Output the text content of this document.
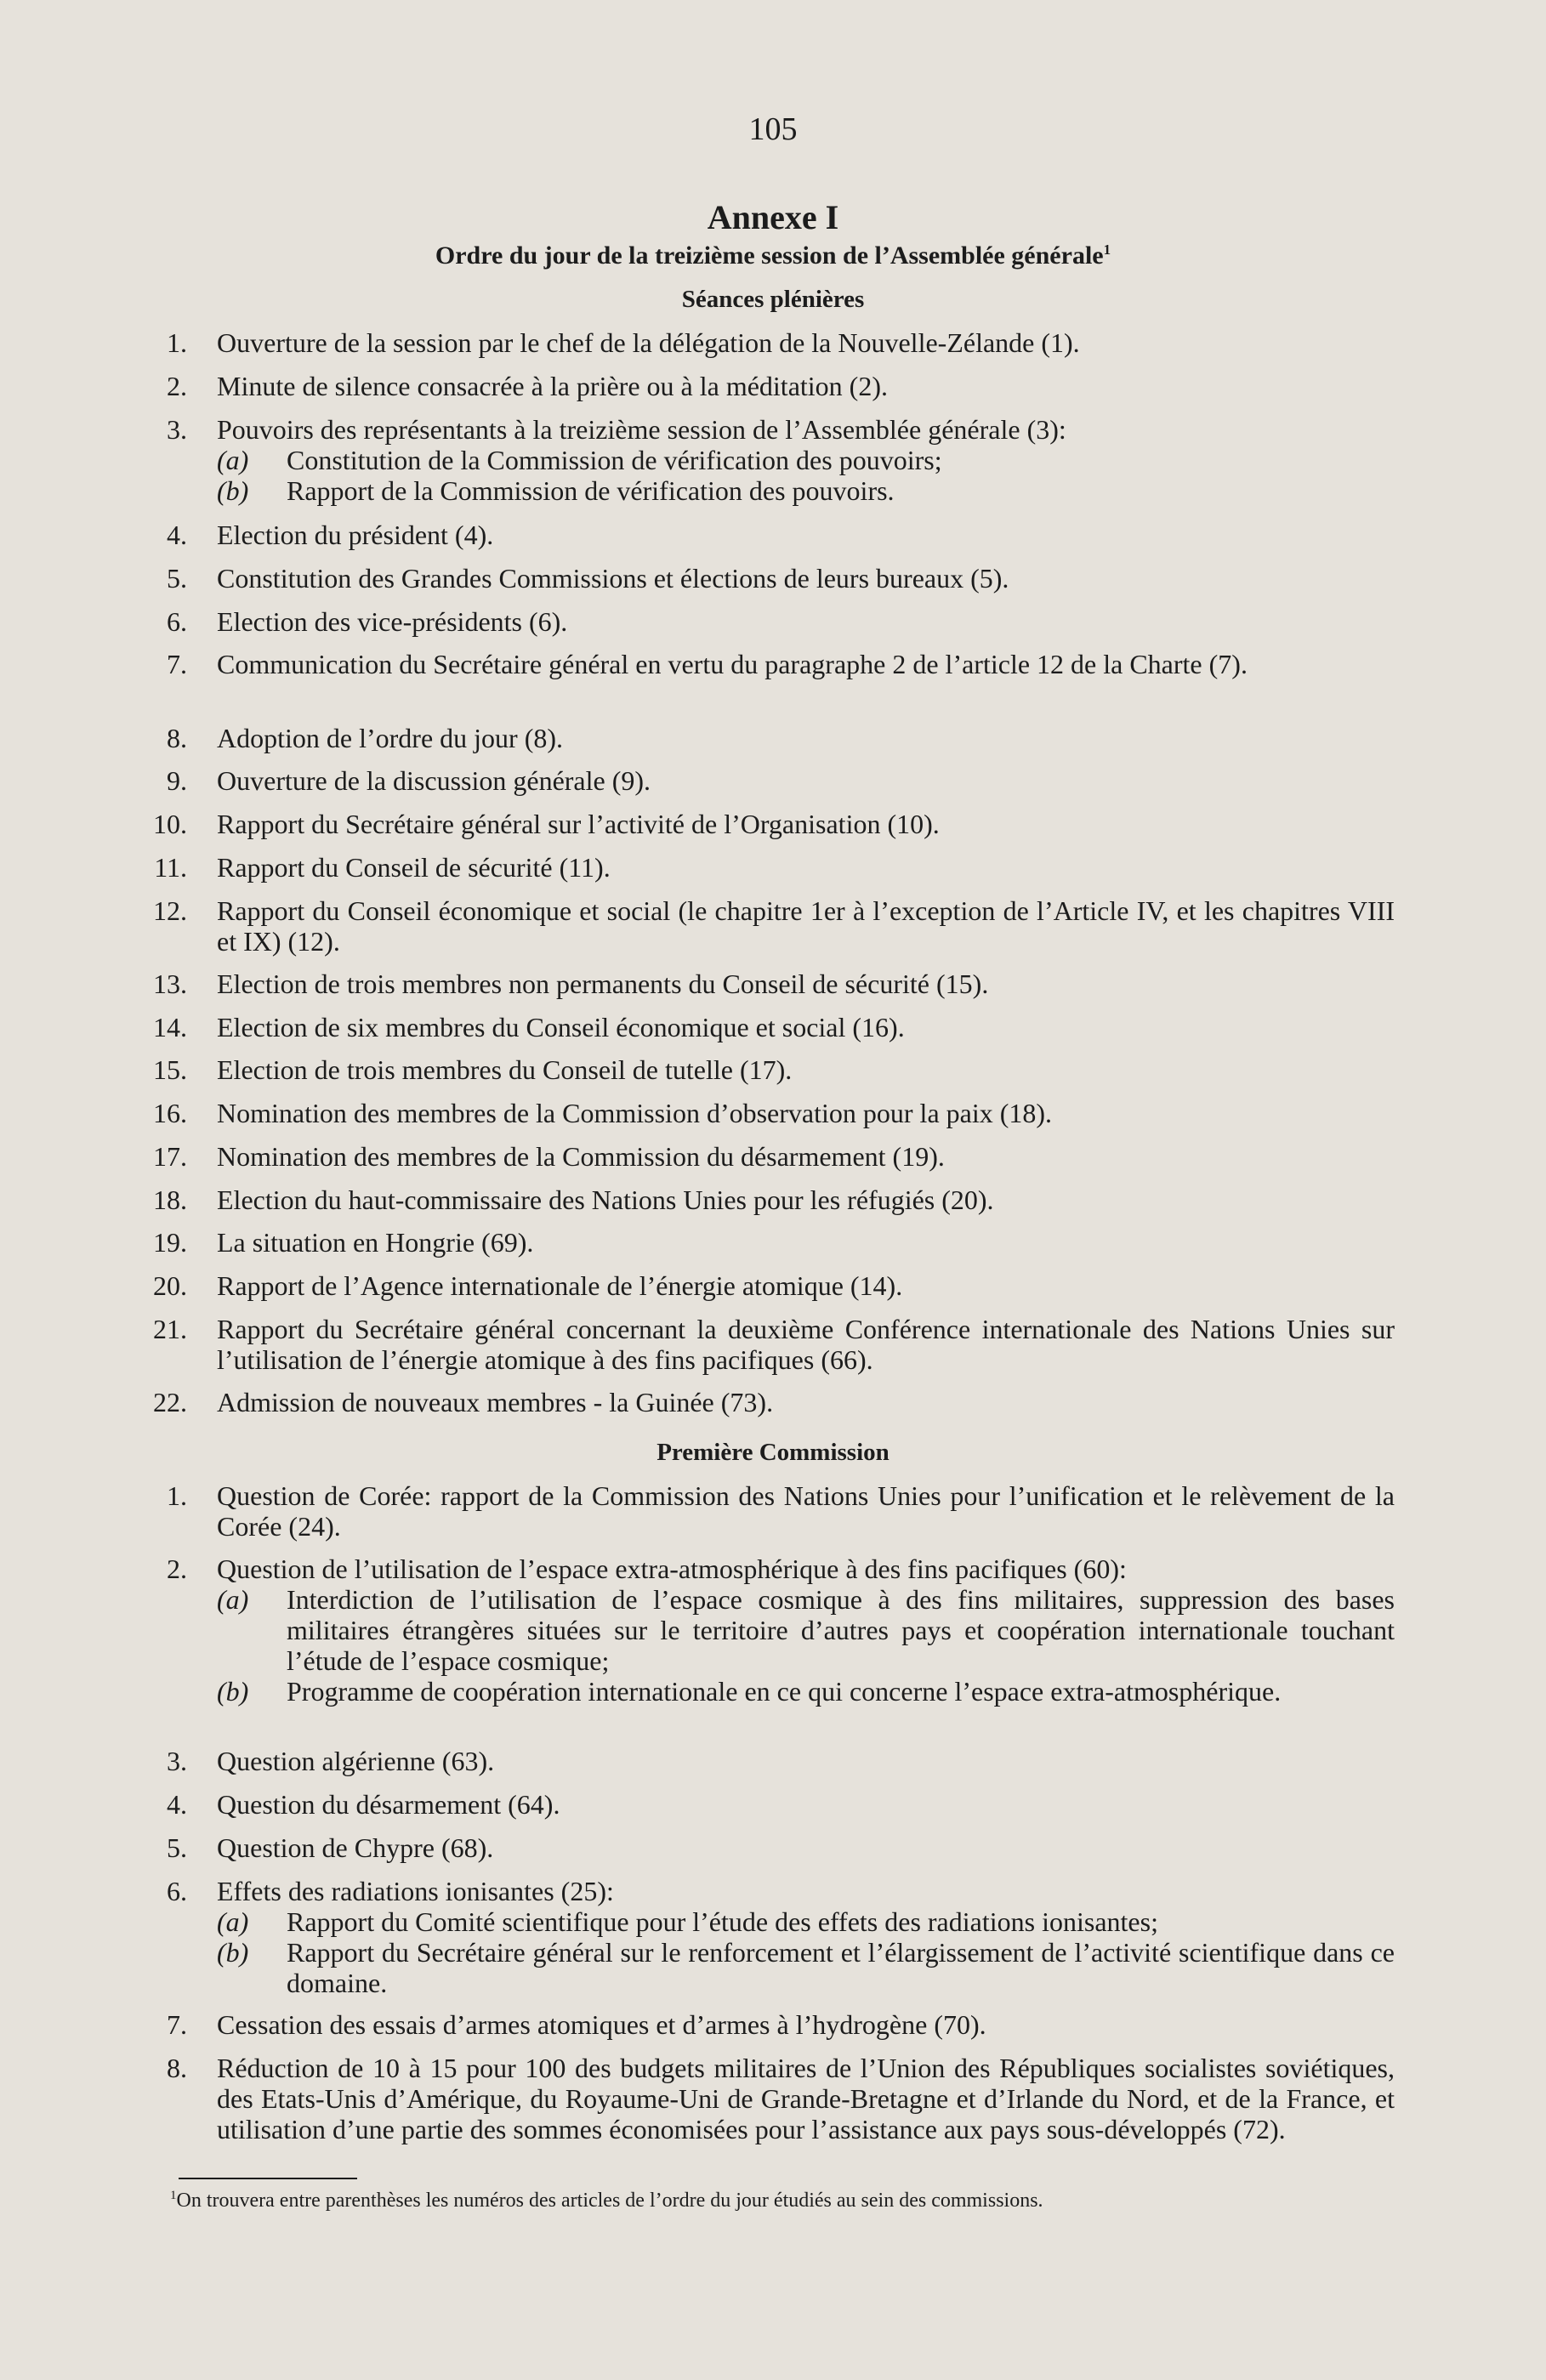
105
Annexe I
Ordre du jour de la treizième session de l’Assemblée générale$^1$
Séances plénières
1. Ouverture de la session par le chef de la délégation de la Nouvelle-Zélande (1).
2. Minute de silence consacrée à la prière ou à la méditation (2).
3. Pouvoirs des représentants à la treizième session de l’Assemblée générale (3):
(a) Constitution de la Commission de vérification des pouvoirs;
(b) Rapport de la Commission de vérification des pouvoirs.
4. Election du président (4).
5. Constitution des Grandes Commissions et élections de leurs bureaux (5).
6. Election des vice-présidents (6).
7. Communication du Secrétaire général en vertu du paragraphe 2 de l’article 12 de la Charte (7).
8. Adoption de l’ordre du jour (8).
9. Ouverture de la discussion générale (9).
10. Rapport du Secrétaire général sur l’activité de l’Organisation (10).
11. Rapport du Conseil de sécurité (11).
12. Rapport du Conseil économique et social (le chapitre 1er à l’exception de l’Article IV, et les chapitres VIII et IX) (12).
13. Election de trois membres non permanents du Conseil de sécurité (15).
14. Election de six membres du Conseil économique et social (16).
15. Election de trois membres du Conseil de tutelle (17).
16. Nomination des membres de la Commission d’observation pour la paix (18).
17. Nomination des membres de la Commission du désarmement (19).
18. Election du haut-commissaire des Nations Unies pour les réfugiés (20).
19. La situation en Hongrie (69).
20. Rapport de l’Agence internationale de l’énergie atomique (14).
21. Rapport du Secrétaire général concernant la deuxième Conférence internationale des Nations Unies sur l’utilisation de l’énergie atomique à des fins pacifiques (66).
22. Admission de nouveaux membres - la Guinée (73).
Première Commission
1. Question de Corée: rapport de la Commission des Nations Unies pour l’unification et le relèvement de la Corée (24).
2. Question de l’utilisation de l’espace extra-atmosphérique à des fins pacifiques (60):
(a) Interdiction de l’utilisation de l’espace cosmique à des fins militaires, suppression des bases militaires étrangères situées sur le territoire d’autres pays et coopération internationale touchant l’étude de l’espace cosmique;
(b) Programme de coopération internationale en ce qui concerne l’espace extra-atmosphérique.
3. Question algérienne (63).
4. Question du désarmement (64).
5. Question de Chypre (68).
6. Effets des radiations ionisantes (25):
(a) Rapport du Comité scientifique pour l’étude des effets des radiations ionisantes;
(b) Rapport du Secrétaire général sur le renforcement et l’élargissement de l’activité scientifique dans ce domaine.
7. Cessation des essais d’armes atomiques et d’armes à l’hydrogène (70).
8. Réduction de 10 à 15 pour 100 des budgets militaires de l’Union des Républiques socialistes soviétiques, des Etats-Unis d’Amérique, du Royaume-Uni de Grande-Bretagne et d’Irlande du Nord, et de la France, et utilisation d’une partie des sommes économisées pour l’assistance aux pays sous-développés (72).
$^1$On trouvera entre parenthèses les numéros des articles de l’ordre du jour étudiés au sein des commissions.
